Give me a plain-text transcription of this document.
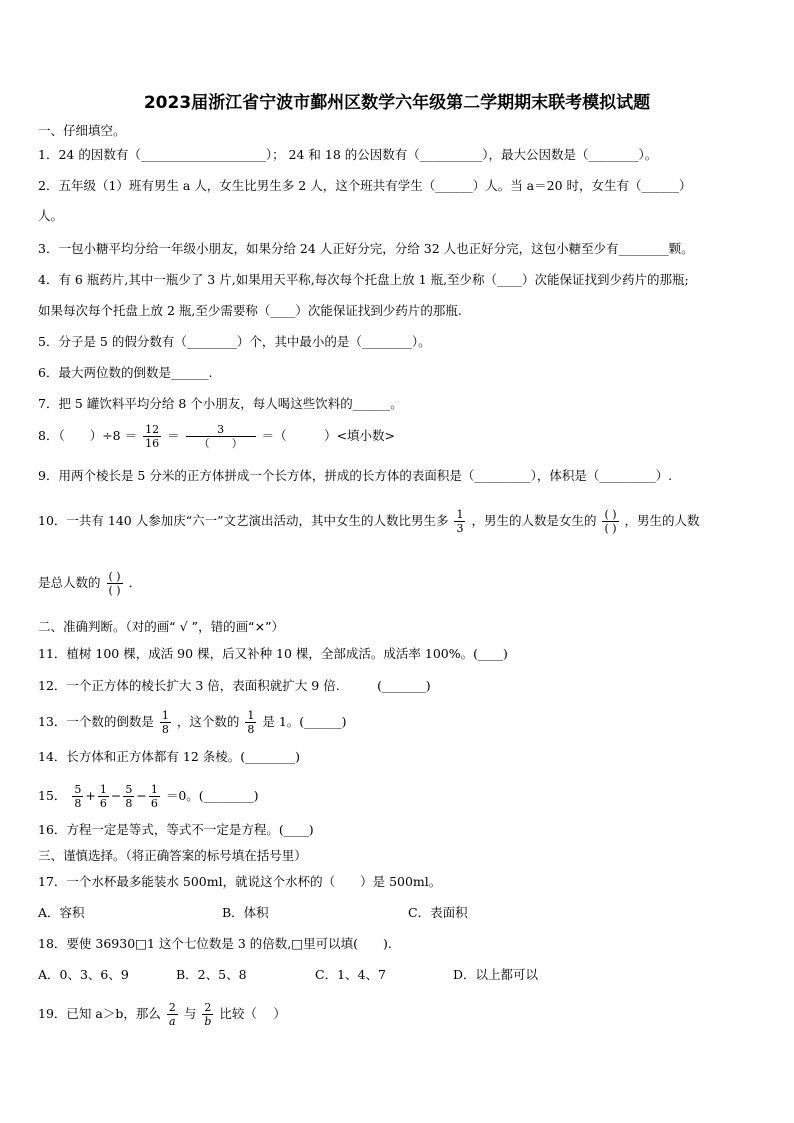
2023届浙江省宁波市鄞州区数学六年级第二学期期末联考模拟试题
一、仔细填空。
1．24 的因数有（____________________）； 24 和 18 的公因数有（__________），最大公因数是（________）。
2．五年级（1）班有男生 a 人，女生比男生多 2 人，这个班共有学生（______）人。当 a＝20 时，女生有（______）
人。
3．一包小糖平均分给一年级小朋友，如果分给 24 人正好分完，分给 32 人也正好分完，这包小糖至少有________颗。
4．有 6 瓶药片,其中一瓶少了 3 片,如果用天平称,每次每个托盘上放 1 瓶,至少称（____）次能保证找到少药片的那瓶;
如果每次每个托盘上放 2 瓶,至少需要称（____）次能保证找到少药片的那瓶.
5．分子是 5 的假分数有（________）个，其中最小的是（________）。
6．最大两位数的倒数是______.
7．把 5 罐饮料平均分给 8 个小朋友，每人喝这些饮料的______。
8．（　　）$\div 8 = \frac{12}{16} = \frac{3}{( )}$ ＝（　　　）<填小数>
9．用两个棱长是 5 分米的正方体拼成一个长方体，拼成的长方体的表面积是（_________），体积是（_________）.
10．一共有 140 人参加庆“六一”文艺演出活动，其中女生的人数比男生多 $\frac{1}{3}$ ，男生的人数是女生的 $\frac{( )}{( )}$ ，男生的人数
是总人数的 $\frac{( )}{( )}$ ．
二、准确判断。（对的画“ √ ”，错的画“×”）
11．植树 100 棵，成活 90 棵，后又补种 10 棵，全部成活。成活率 100%。(____)
12．一个正方体的棱长扩大 3 倍，表面积就扩大 9 倍.　　　(_______)
13．一个数的倒数是 $\frac{1}{8}$ ，这个数的 $\frac{1}{8}$ 是 1。(______)
14．长方体和正方体都有 12 条棱。(________)
15． $\frac{5}{8} + \frac{1}{6} - \frac{5}{8} - \frac{1}{6} =0$。(________)
16．方程一定是等式，等式不一定是方程。(____)
三、谨慎选择。（将正确答案的标号填在括号里）
17．一个水杯最多能装水 500ml，就说这个水杯的（　　）是 500ml。
A．容积	B．体积	C．表面积
18．要使 36930□1 这个七位数是 3 的倍数,□里可以填(　　).
A．0、3、6、9	B．2、5、8	C．1、4、7	D．以上都可以
19．已知 a＞b，那么 $\frac{2}{a}$ 与 $\frac{2}{b}$ 比较（　 ）
